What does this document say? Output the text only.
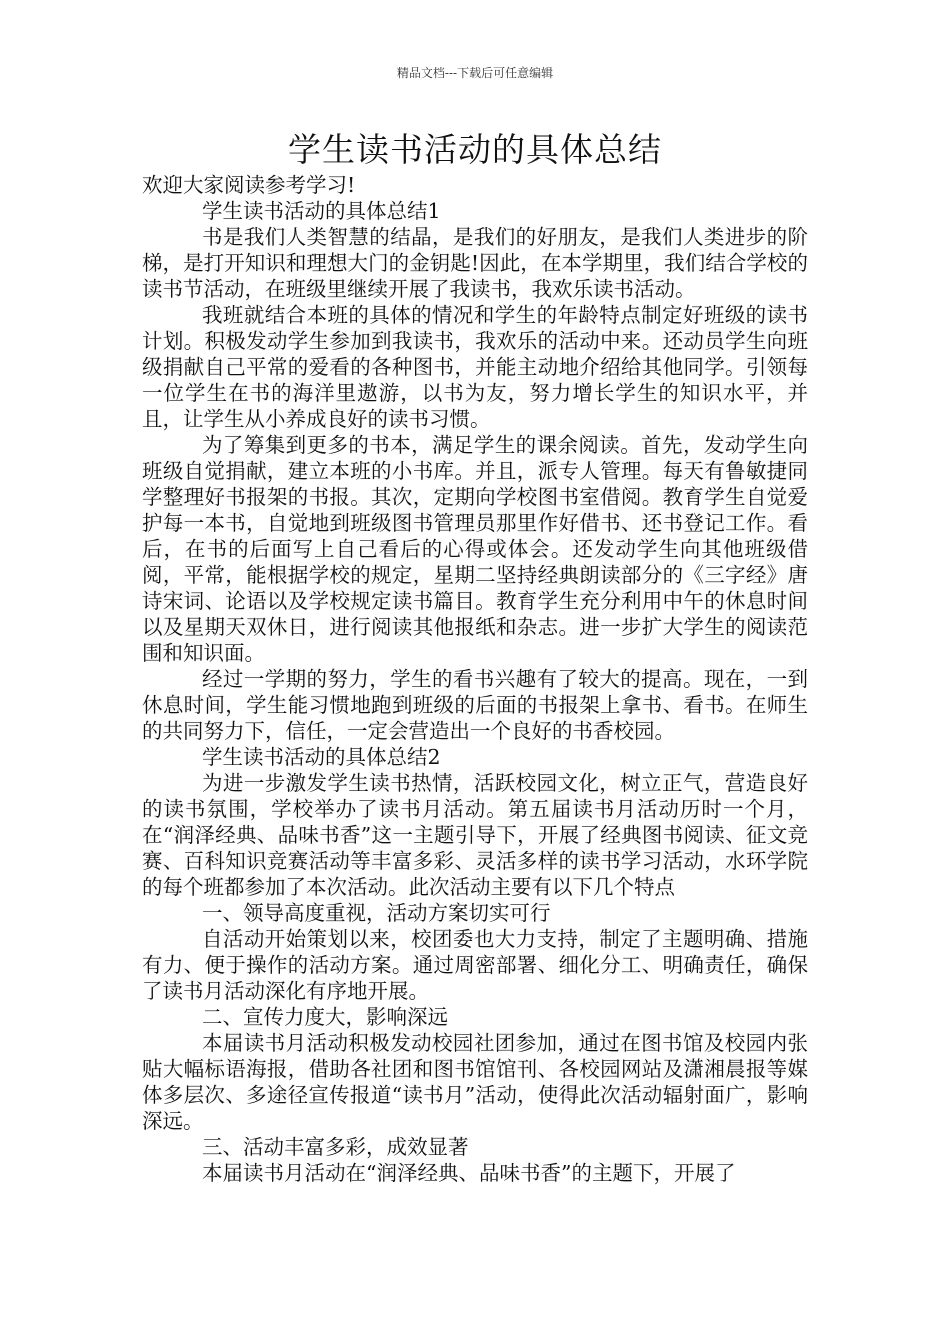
精品文档---下载后可任意编辑
学生读书活动的具体总结

欢迎大家阅读参考学习!

学生读书活动的具体总结1

书是我们人类智慧的结晶，是我们的好朋友，是我们人类进步的阶梯，是打开知识和理想大门的金钥匙!因此，在本学期里，我们结合学校的读书节活动，在班级里继续开展了我读书，我欢乐读书活动。

我班就结合本班的具体的情况和学生的年龄特点制定好班级的读书计划。积极发动学生参加到我读书，我欢乐的活动中来。还动员学生向班级捐献自己平常的爱看的各种图书，并能主动地介绍给其他同学。引领每一位学生在书的海洋里遨游，以书为友，努力增长学生的知识水平，并且，让学生从小养成良好的读书习惯。

为了筹集到更多的书本，满足学生的课余阅读。首先，发动学生向班级自觉捐献，建立本班的小书库。并且，派专人管理。每天有鲁敏捷同学整理好书报架的书报。其次，定期向学校图书室借阅。教育学生自觉爱护每一本书，自觉地到班级图书管理员那里作好借书、还书登记工作。看后，在书的后面写上自己看后的心得或体会。还发动学生向其他班级借阅，平常，能根据学校的规定，星期二坚持经典朗读部分的《三字经》唐诗宋词、论语以及学校规定读书篇目。教育学生充分利用中午的休息时间以及星期天双休日，进行阅读其他报纸和杂志。进一步扩大学生的阅读范围和知识面。

经过一学期的努力，学生的看书兴趣有了较大的提高。现在，一到休息时间，学生能习惯地跑到班级的后面的书报架上拿书、看书。在师生的共同努力下，信任，一定会营造出一个良好的书香校园。

学生读书活动的具体总结2

为进一步激发学生读书热情，活跃校园文化，树立正气，营造良好的读书氛围，学校举办了读书月活动。第五届读书月活动历时一个月，在“润泽经典、品味书香”这一主题引导下，开展了经典图书阅读、征文竞赛、百科知识竞赛活动等丰富多彩、灵活多样的读书学习活动，水环学院的每个班都参加了本次活动。此次活动主要有以下几个特点

一、领导高度重视，活动方案切实可行

自活动开始策划以来，校团委也大力支持，制定了主题明确、措施有力、便于操作的活动方案。通过周密部署、细化分工、明确责任，确保了读书月活动深化有序地开展。

二、宣传力度大，影响深远

本届读书月活动积极发动校园社团参加，通过在图书馆及校园内张贴大幅标语海报，借助各社团和图书馆馆刊、各校园网站及潇湘晨报等媒体多层次、多途径宣传报道“读书月”活动，使得此次活动辐射面广，影响深远。

三、活动丰富多彩，成效显著

本届读书月活动在“润泽经典、品味书香”的主题下，开展了
